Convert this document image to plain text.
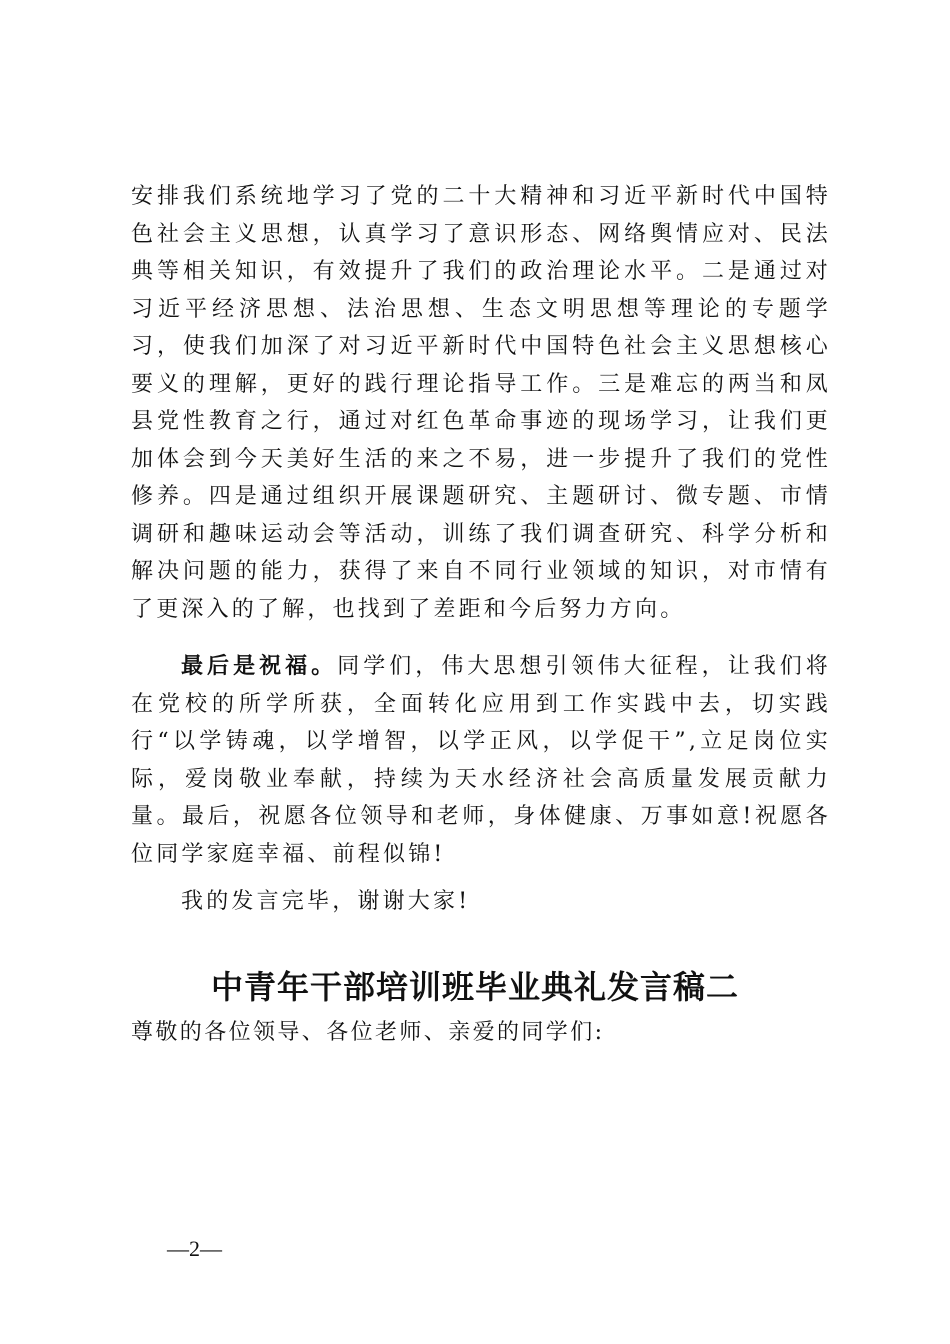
安排我们系统地学习了党的二十大精神和习近平新时代中国特色社会主义思想，认真学习了意识形态、网络舆情应对、民法典等相关知识，有效提升了我们的政治理论水平。二是通过对习近平经济思想、法治思想、生态文明思想等理论的专题学习，使我们加深了对习近平新时代中国特色社会主义思想核心要义的理解，更好的践行理论指导工作。三是难忘的两当和凤县党性教育之行，通过对红色革命事迹的现场学习，让我们更加体会到今天美好生活的来之不易，进一步提升了我们的党性修养。四是通过组织开展课题研究、主题研讨、微专题、市情调研和趣味运动会等活动，训练了我们调查研究、科学分析和解决问题的能力，获得了来自不同行业领域的知识，对市情有了更深入的了解，也找到了差距和今后努力方向。

最后是祝福。同学们，伟大思想引领伟大征程，让我们将在党校的所学所获，全面转化应用到工作实践中去，切实践行“以学铸魂，以学增智，以学正风，以学促干”,立足岗位实际，爱岗敬业奉献，持续为天水经济社会高质量发展贡献力量。最后，祝愿各位领导和老师，身体健康、万事如意!祝愿各位同学家庭幸福、前程似锦!

我的发言完毕，谢谢大家!

中青年干部培训班毕业典礼发言稿二

尊敬的各位领导、各位老师、亲爱的同学们:

—2—
